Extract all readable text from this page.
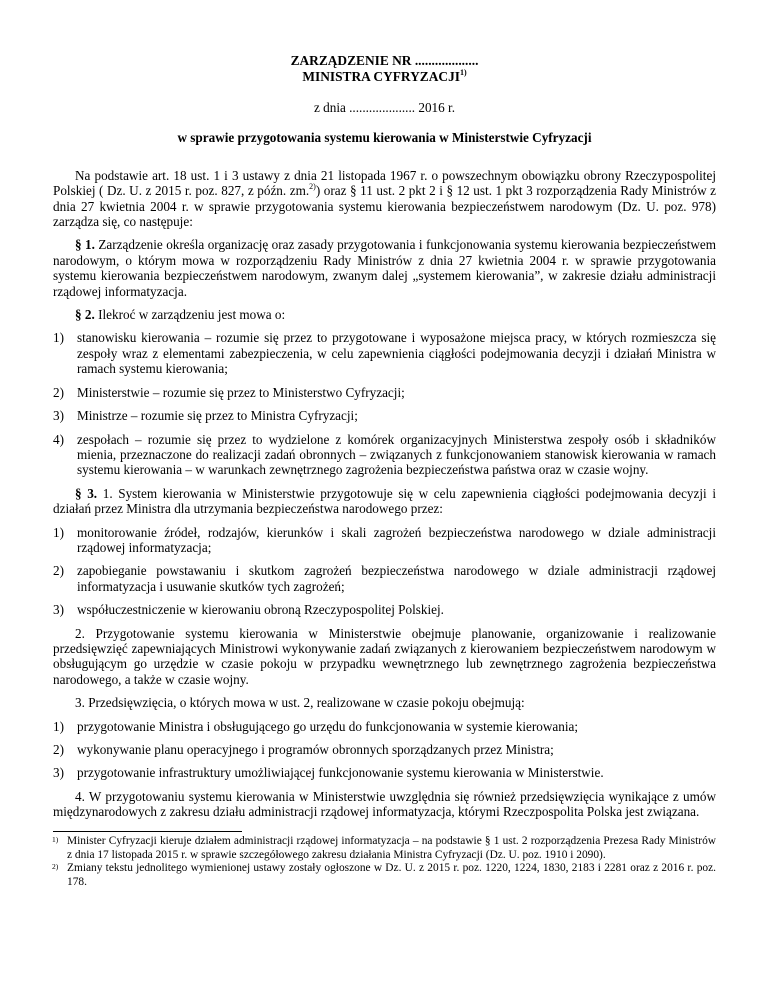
ZARZĄDZENIE NR ...................
MINISTRA CYFRYZACJI$^{1)}$
z dnia .................... 2016 r.
w sprawie przygotowania systemu kierowania w Ministerstwie Cyfryzacji

Na podstawie art. 18 ust. 1 i 3 ustawy z dnia 21 listopada 1967 r. o powszechnym obowiązku obrony Rzeczypospolitej Polskiej ( Dz. U. z 2015 r. poz. 827, z późn. zm.$^{2)}$) oraz § 11 ust. 2 pkt 2 i § 12 ust. 1 pkt 3 rozporządzenia Rady Ministrów z dnia 27 kwietnia 2004 r. w sprawie przygotowania systemu kierowania bezpieczeństwem narodowym (Dz. U. poz. 978) zarządza się, co następuje:

§ 1. Zarządzenie określa organizację oraz zasady przygotowania i funkcjonowania systemu kierowania bezpieczeństwem narodowym, o którym mowa w rozporządzeniu Rady Ministrów z dnia 27 kwietnia 2004 r. w sprawie przygotowania systemu kierowania bezpieczeństwem narodowym, zwanym dalej „systemem kierowania”, w zakresie działu administracji rządowej informatyzacja.

§ 2. Ilekroć w zarządzeniu jest mowa o:

1) stanowisku kierowania – rozumie się przez to przygotowane i wyposażone miejsca pracy, w których rozmieszcza się zespoły wraz z elementami zabezpieczenia, w celu zapewnienia ciągłości podejmowania decyzji i działań Ministra w ramach systemu kierowania;
2) Ministerstwie – rozumie się przez to Ministerstwo Cyfryzacji;
3) Ministrze – rozumie się przez to Ministra Cyfryzacji;
4) zespołach – rozumie się przez to wydzielone z komórek organizacyjnych Ministerstwa zespoły osób i składników mienia, przeznaczone do realizacji zadań obronnych – związanych z funkcjonowaniem stanowisk kierowania w ramach systemu kierowania – w warunkach zewnętrznego zagrożenia bezpieczeństwa państwa oraz w czasie wojny.

§ 3. 1. System kierowania w Ministerstwie przygotowuje się w celu zapewnienia ciągłości podejmowania decyzji i działań przez Ministra dla utrzymania bezpieczeństwa narodowego przez:

1) monitorowanie źródeł, rodzajów, kierunków i skali zagrożeń bezpieczeństwa narodowego w dziale administracji rządowej informatyzacja;
2) zapobieganie powstawaniu i skutkom zagrożeń bezpieczeństwa narodowego w dziale administracji rządowej informatyzacja i usuwanie skutków tych zagrożeń;
3) współuczestniczenie w kierowaniu obroną Rzeczypospolitej Polskiej.

2. Przygotowanie systemu kierowania w Ministerstwie obejmuje planowanie, organizowanie i realizowanie przedsięwzięć zapewniających Ministrowi wykonywanie zadań związanych z kierowaniem bezpieczeństwem narodowym w obsługującym go urzędzie w czasie pokoju w przypadku wewnętrznego lub zewnętrznego zagrożenia bezpieczeństwa narodowego, a także w czasie wojny.

3. Przedsięwzięcia, o których mowa w ust. 2, realizowane w czasie pokoju obejmują:

1) przygotowanie Ministra i obsługującego go urzędu do funkcjonowania w systemie kierowania;
2) wykonywanie planu operacyjnego i programów obronnych sporządzanych przez Ministra;
3) przygotowanie infrastruktury umożliwiającej funkcjonowanie systemu kierowania w Ministerstwie.

4. W przygotowaniu systemu kierowania w Ministerstwie uwzględnia się również przedsięwzięcia wynikające z umów międzynarodowych z zakresu działu administracji rządowej informatyzacja, którymi Rzeczpospolita Polska jest związana.

1) Minister Cyfryzacji kieruje działem administracji rządowej informatyzacja – na podstawie § 1 ust. 2 rozporządzenia Prezesa Rady Ministrów z dnia 17 listopada 2015 r. w sprawie szczegółowego zakresu działania Ministra Cyfryzacji (Dz. U. poz. 1910 i 2090).
2) Zmiany tekstu jednolitego wymienionej ustawy zostały ogłoszone w Dz. U. z 2015 r. poz. 1220, 1224, 1830, 2183 i 2281 oraz z 2016 r. poz. 178.
